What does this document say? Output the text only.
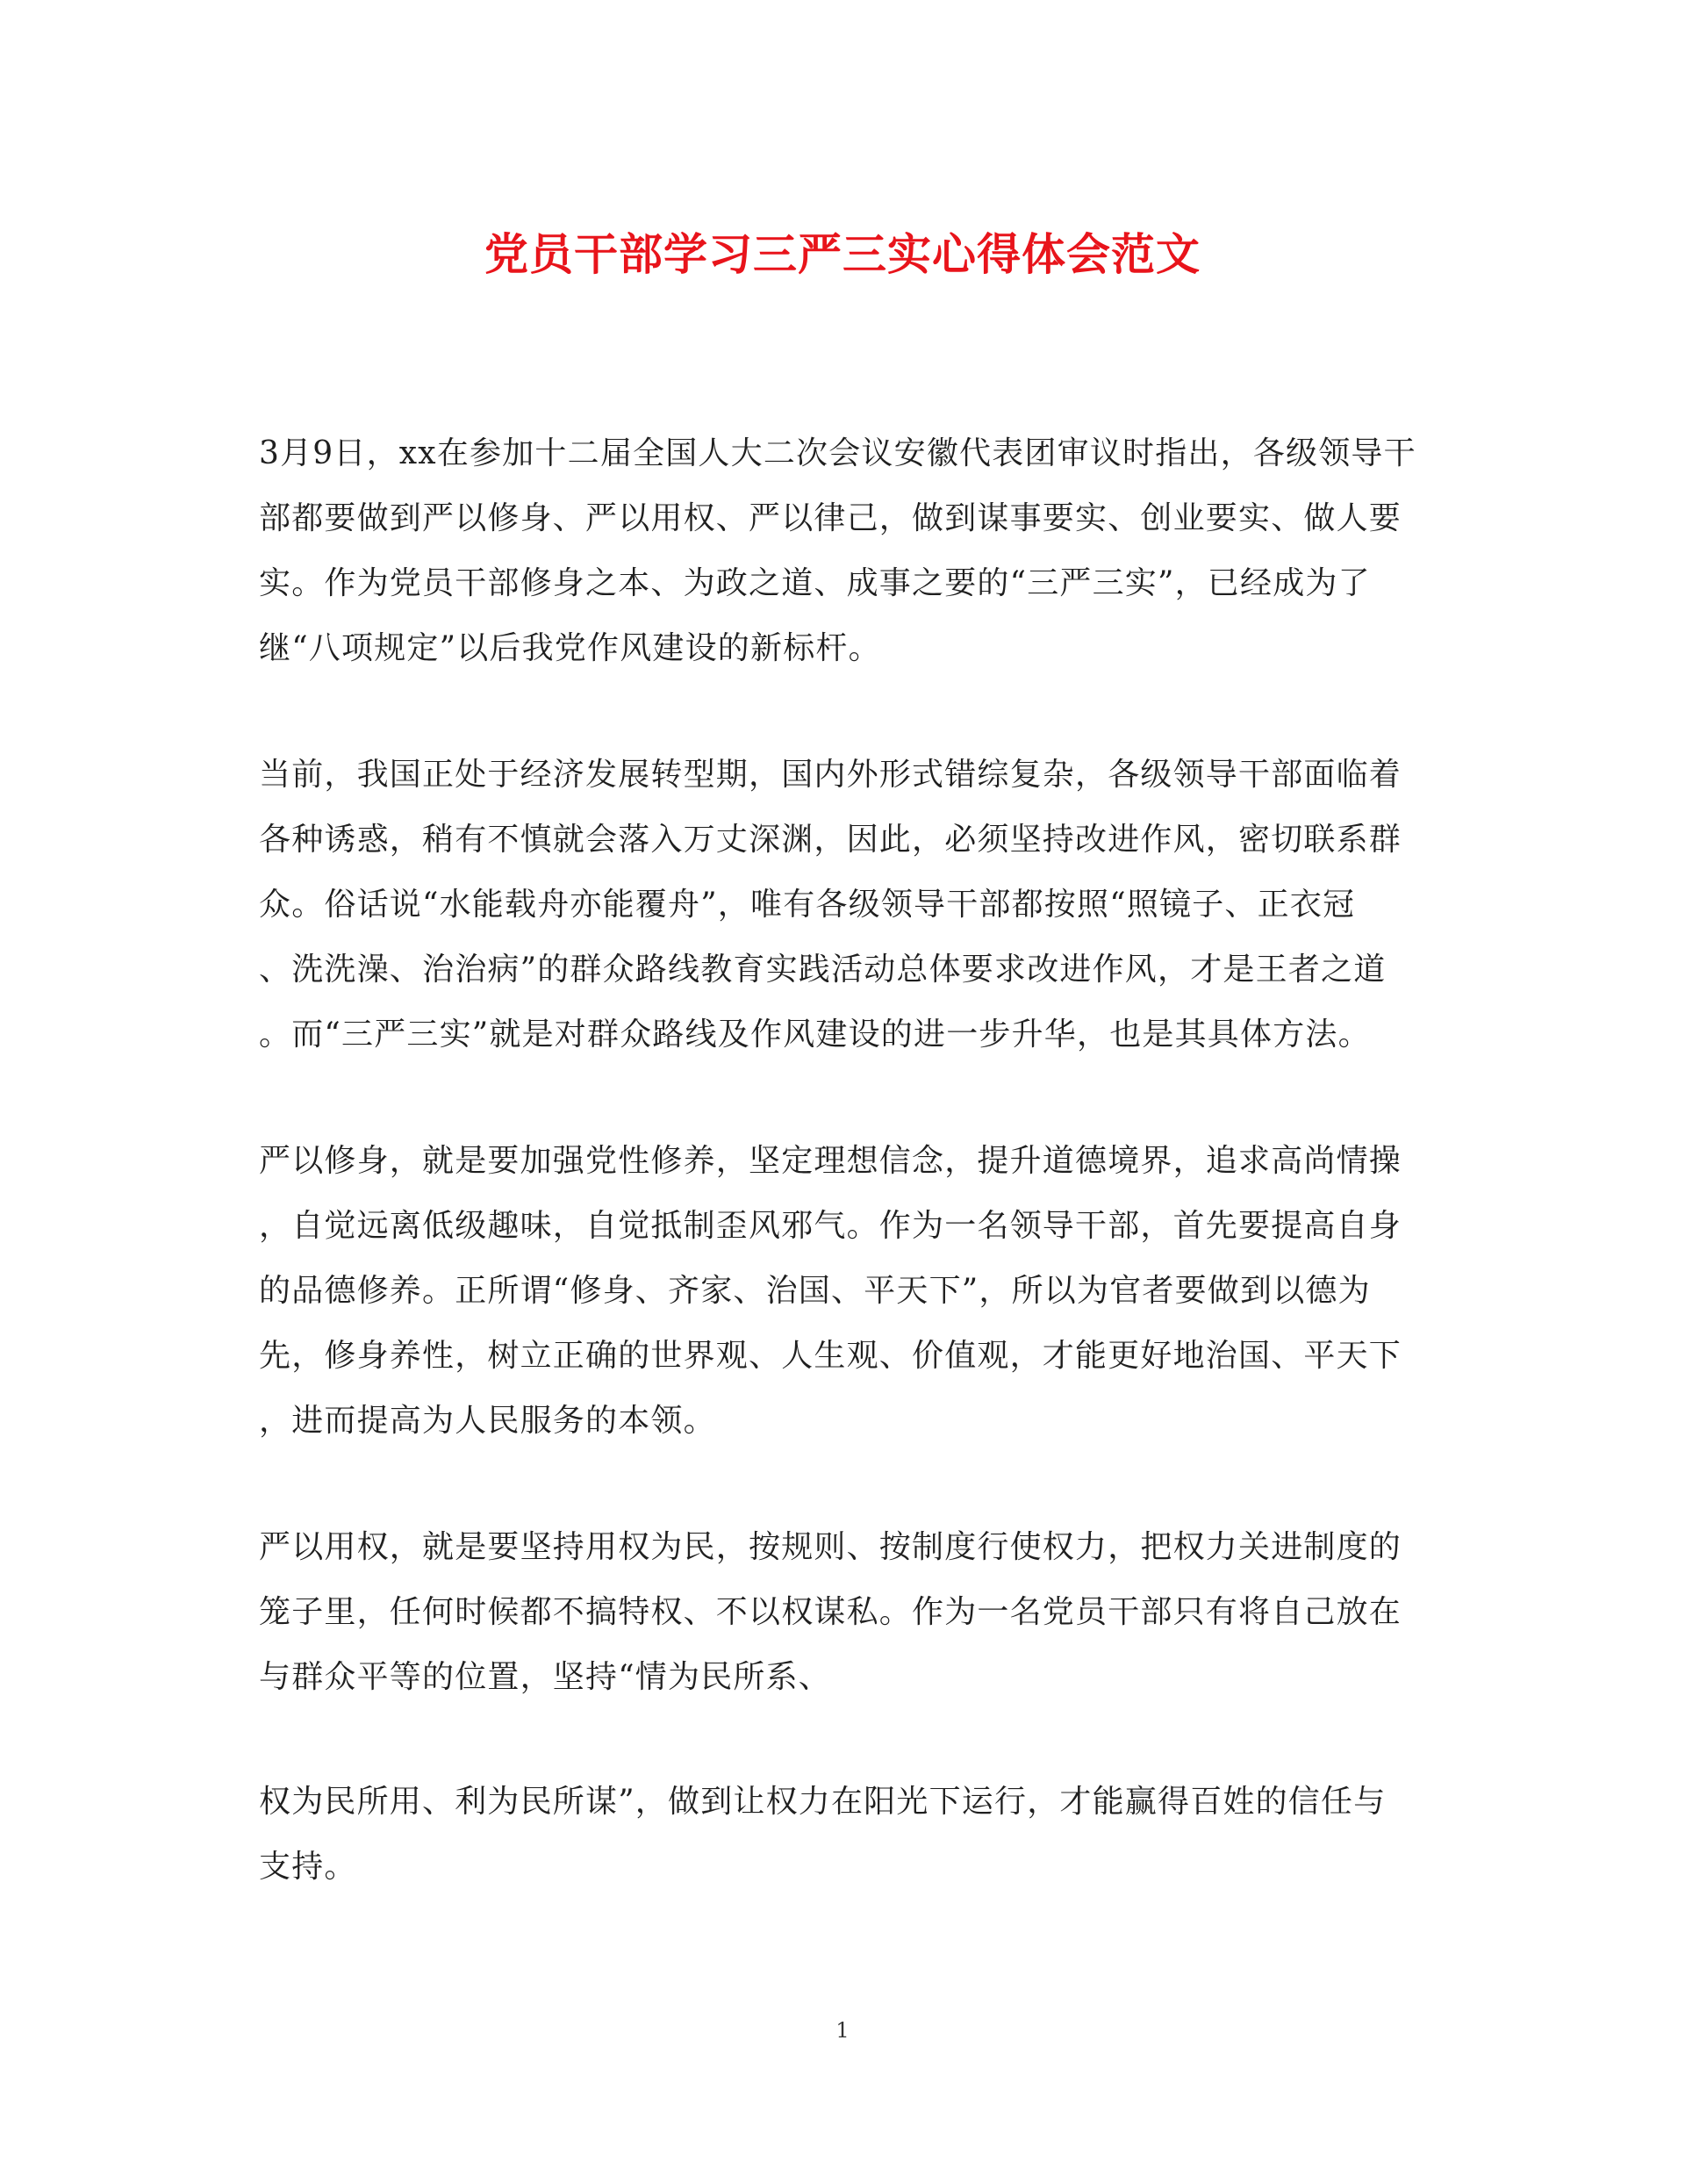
党员干部学习三严三实心得体会范文
3月9日，xx在参加十二届全国人大二次会议安徽代表团审议时指出，各级领导干
部都要做到严以修身、严以用权、严以律己，做到谋事要实、创业要实、做人要
实。作为党员干部修身之本、为政之道、成事之要的“三严三实”，已经成为了
继“八项规定”以后我党作风建设的新标杆。
当前，我国正处于经济发展转型期，国内外形式错综复杂，各级领导干部面临着
各种诱惑，稍有不慎就会落入万丈深渊，因此，必须坚持改进作风，密切联系群
众。俗话说“水能载舟亦能覆舟”，唯有各级领导干部都按照“照镜子、正衣冠
、洗洗澡、治治病”的群众路线教育实践活动总体要求改进作风，才是王者之道
。而“三严三实”就是对群众路线及作风建设的进一步升华，也是其具体方法。
严以修身，就是要加强党性修养，坚定理想信念，提升道德境界，追求高尚情操
，自觉远离低级趣味，自觉抵制歪风邪气。作为一名领导干部，首先要提高自身
的品德修养。正所谓“修身、齐家、治国、平天下”，所以为官者要做到以德为
先，修身养性，树立正确的世界观、人生观、价值观，才能更好地治国、平天下
，进而提高为人民服务的本领。
严以用权，就是要坚持用权为民，按规则、按制度行使权力，把权力关进制度的
笼子里，任何时候都不搞特权、不以权谋私。作为一名党员干部只有将自己放在
与群众平等的位置，坚持“情为民所系、
权为民所用、利为民所谋”，做到让权力在阳光下运行，才能赢得百姓的信任与
支持。
1
